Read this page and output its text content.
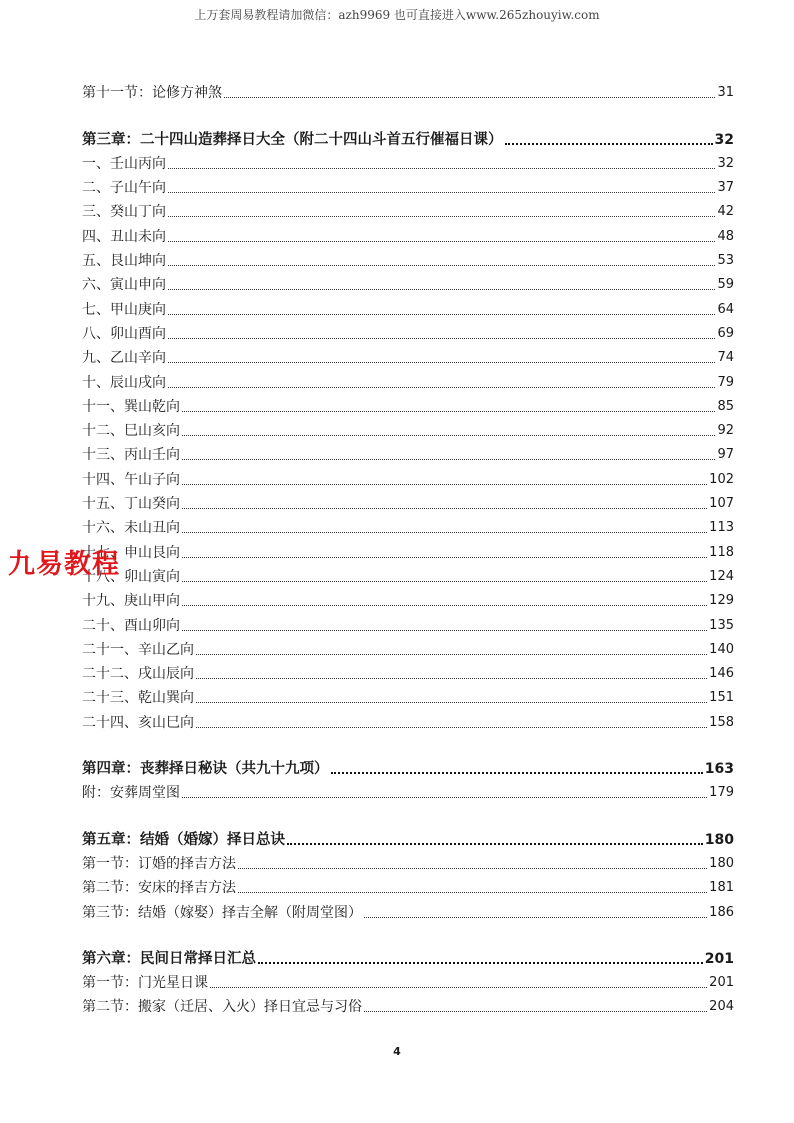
上万套周易教程请加微信：azh9969 也可直接进入www.265zhouyiw.com
第十一节：论修方神煞	31
第三章：二十四山造葬择日大全（附二十四山斗首五行催福日课）	32
一、壬山丙向	32
二、子山午向	37
三、癸山丁向	42
四、丑山未向	48
五、艮山坤向	53
六、寅山申向	59
七、甲山庚向	64
八、卯山酉向	69
九、乙山辛向	74
十、辰山戌向	79
十一、巽山乾向	85
十二、巳山亥向	92
十三、丙山壬向	97
十四、午山子向	102
十五、丁山癸向	107
十六、未山丑向	113
十七、申山艮向	118
十八、卯山寅向	124
十九、庚山甲向	129
二十、酉山卯向	135
二十一、辛山乙向	140
二十二、戌山辰向	146
二十三、乾山巽向	151
二十四、亥山巳向	158
第四章：丧葬择日秘诀（共九十九项）	163
附：安葬周堂图	179
第五章：结婚（婚嫁）择日总诀	180
第一节：订婚的择吉方法	180
第二节：安床的择吉方法	181
第三节：结婚（嫁娶）择吉全解（附周堂图）	186
第六章：民间日常择日汇总	201
第一节：门光星日课	201
第二节：搬家（迁居、入火）择日宜忌与习俗	204
九易教程
4
